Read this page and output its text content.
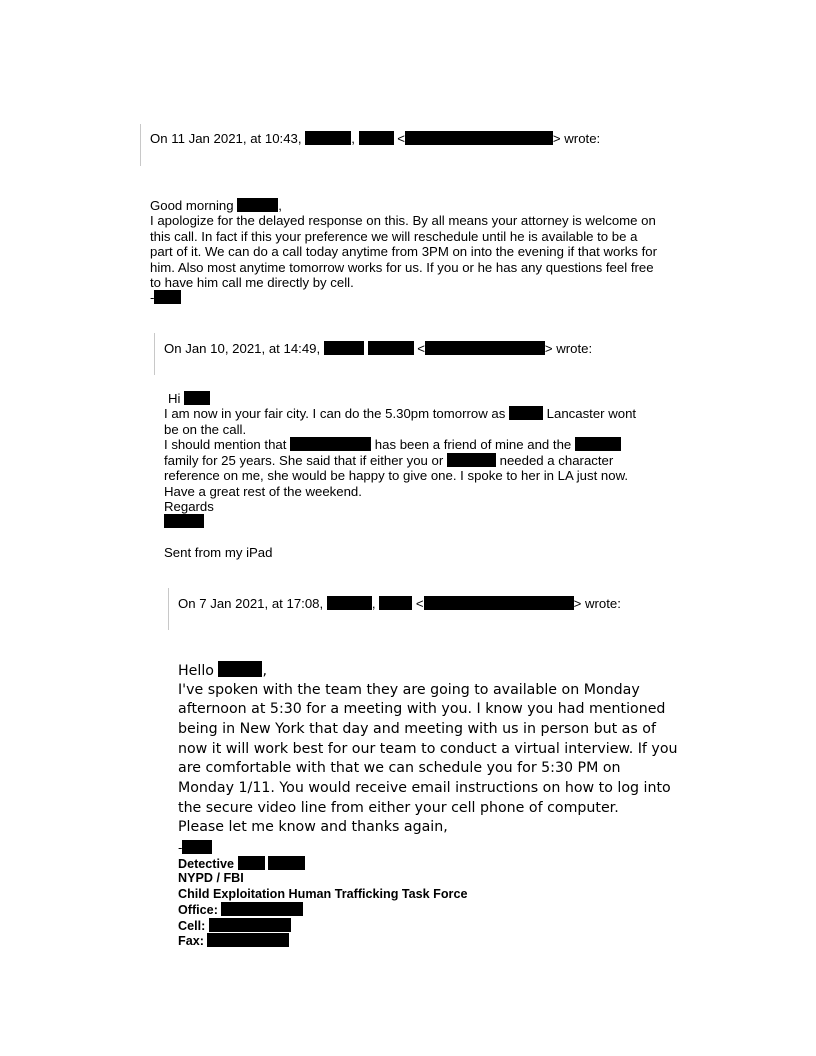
On 11 Jan 2021, at 10:43,	,	<	> wrote:
Good morning	,
I apologize for the delayed response on this. By all means your attorney is welcome on
this call. In fact if this your preference we will reschedule until he is available to be a
part of it. We can do a call today anytime from 3PM on into the evening if that works for
him. Also most anytime tomorrow works for us. If you or he has any questions feel free
to have him call me directly by cell.
-
On Jan 10, 2021, at 14:49,	<	> wrote:
Hi
I am now in your fair city. I can do the 5.30pm tomorrow as	Lancaster wont
be on the call.
I should mention that	has been a friend of mine and the
family for 25 years. She said that if either you or	needed a character
reference on me, she would be happy to give one. I spoke to her in LA just now.
Have a great rest of the weekend.
Regards
Sent from my iPad
On 7 Jan 2021, at 17:08,	,	<	> wrote:
Hello	,
I've spoken with the team they are going to available on Monday
afternoon at 5:30 for a meeting with you. I know you had mentioned
being in New York that day and meeting with us in person but as of
now it will work best for our team to conduct a virtual interview. If you
are comfortable with that we can schedule you for 5:30 PM on
Monday 1/11. You would receive email instructions on how to log into
the secure video line from either your cell phone of computer.
Please let me know and thanks again,
-
Detective
NYPD / FBI
Child Exploitation Human Trafficking Task Force
Office:
Cell:
Fax:
